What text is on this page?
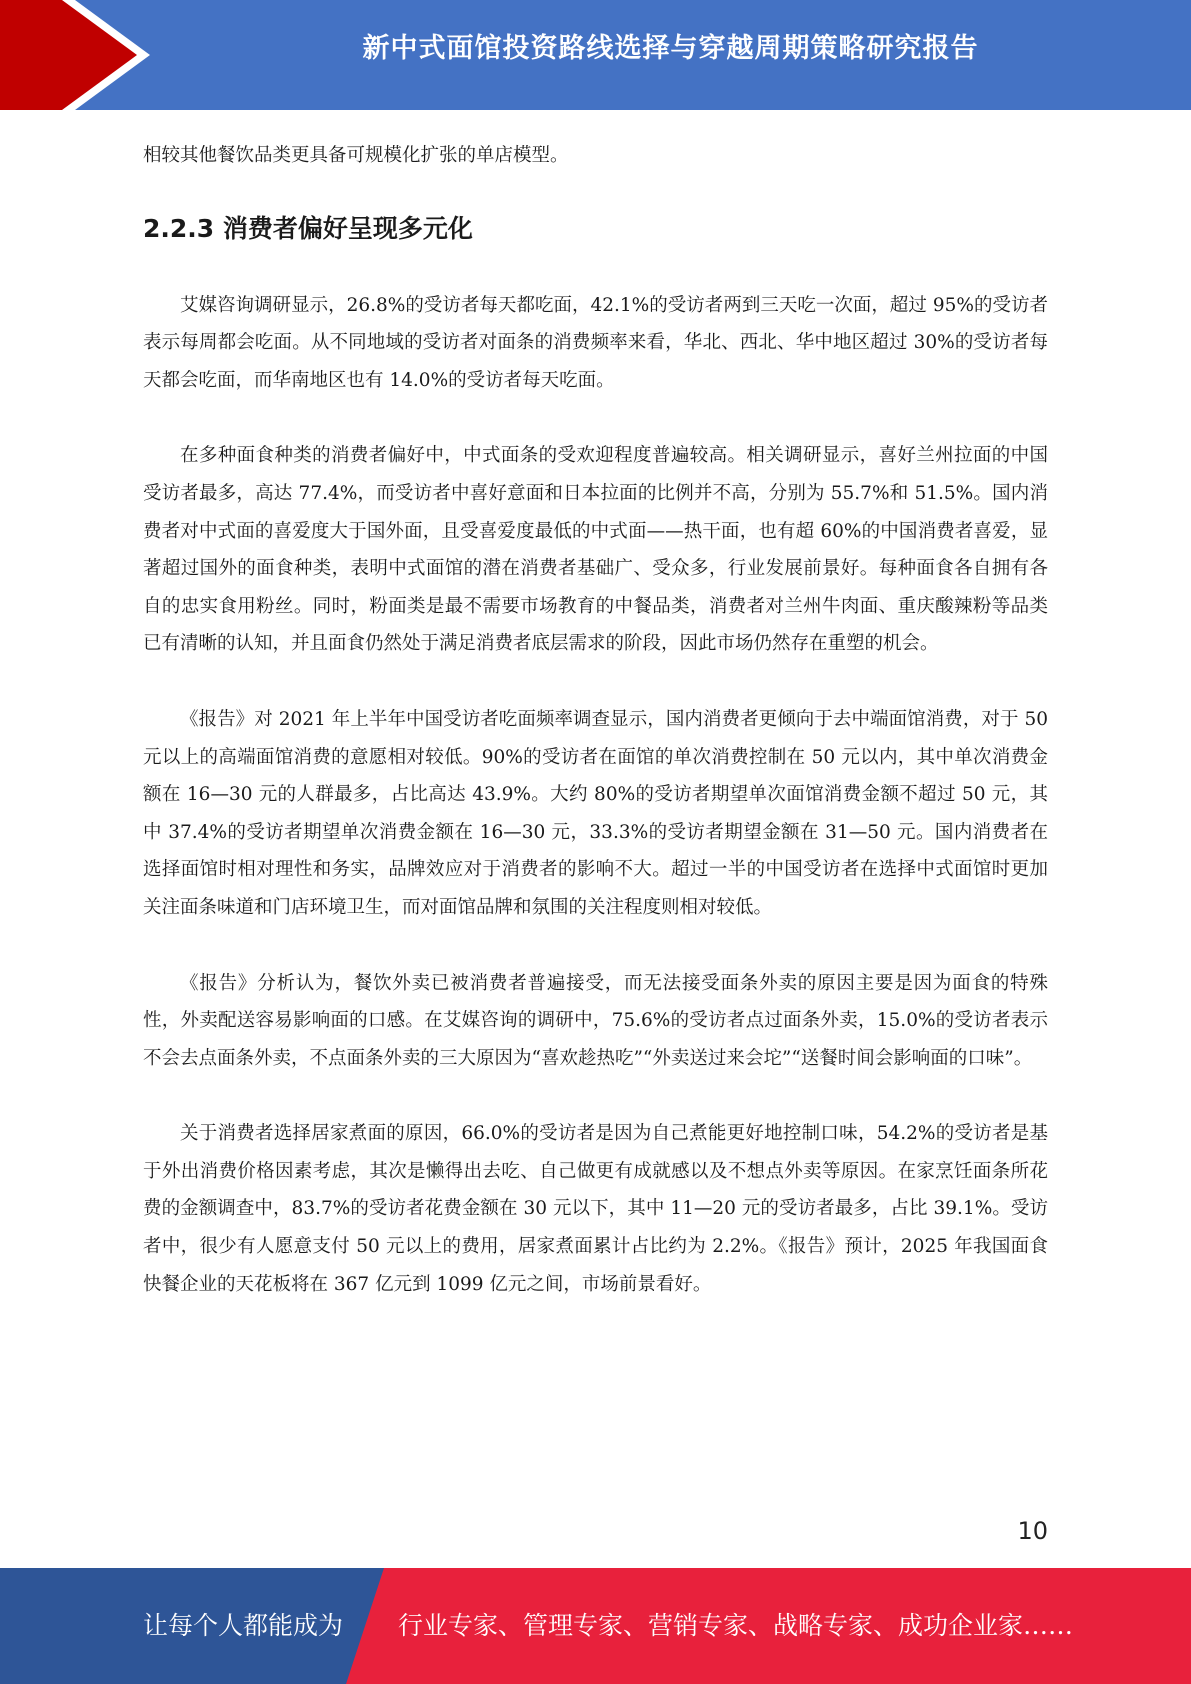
新中式面馆投资路线选择与穿越周期策略研究报告

相较其他餐饮品类更具备可规模化扩张的单店模型。

2.2.3 消费者偏好呈现多元化

艾媒咨询调研显示，26.8%的受访者每天都吃面，42.1%的受访者两到三天吃一次面，超过 95%的受访者表示每周都会吃面。从不同地域的受访者对面条的消费频率来看，华北、西北、华中地区超过 30%的受访者每天都会吃面，而华南地区也有 14.0%的受访者每天吃面。

在多种面食种类的消费者偏好中，中式面条的受欢迎程度普遍较高。相关调研显示，喜好兰州拉面的中国受访者最多，高达 77.4%，而受访者中喜好意面和日本拉面的比例并不高，分别为 55.7%和 51.5%。国内消费者对中式面的喜爱度大于国外面，且受喜爱度最低的中式面——热干面，也有超 60%的中国消费者喜爱，显著超过国外的面食种类，表明中式面馆的潜在消费者基础广、受众多，行业发展前景好。每种面食各自拥有各自的忠实食用粉丝。同时，粉面类是最不需要市场教育的中餐品类，消费者对兰州牛肉面、重庆酸辣粉等品类已有清晰的认知，并且面食仍然处于满足消费者底层需求的阶段，因此市场仍然存在重塑的机会。

《报告》对 2021 年上半年中国受访者吃面频率调查显示，国内消费者更倾向于去中端面馆消费，对于 50 元以上的高端面馆消费的意愿相对较低。90%的受访者在面馆的单次消费控制在 50 元以内，其中单次消费金额在 16—30 元的人群最多，占比高达 43.9%。大约 80%的受访者期望单次面馆消费金额不超过 50 元，其中 37.4%的受访者期望单次消费金额在 16—30 元，33.3%的受访者期望金额在 31—50 元。国内消费者在选择面馆时相对理性和务实，品牌效应对于消费者的影响不大。超过一半的中国受访者在选择中式面馆时更加关注面条味道和门店环境卫生，而对面馆品牌和氛围的关注程度则相对较低。

《报告》分析认为，餐饮外卖已被消费者普遍接受，而无法接受面条外卖的原因主要是因为面食的特殊性，外卖配送容易影响面的口感。在艾媒咨询的调研中，75.6%的受访者点过面条外卖，15.0%的受访者表示不会去点面条外卖，不点面条外卖的三大原因为“喜欢趁热吃”“外卖送过来会坨”“送餐时间会影响面的口味”。

关于消费者选择居家煮面的原因，66.0%的受访者是因为自己煮能更好地控制口味，54.2%的受访者是基于外出消费价格因素考虑，其次是懒得出去吃、自己做更有成就感以及不想点外卖等原因。在家烹饪面条所花费的金额调查中，83.7%的受访者花费金额在 30 元以下，其中 11—20 元的受访者最多，占比 39.1%。受访者中，很少有人愿意支付 50 元以上的费用，居家煮面累计占比约为 2.2%。《报告》预计，2025 年我国面食快餐企业的天花板将在 367 亿元到 1099 亿元之间，市场前景看好。

10
让每个人都能成为 行业专家、管理专家、营销专家、战略专家、成功企业家……
